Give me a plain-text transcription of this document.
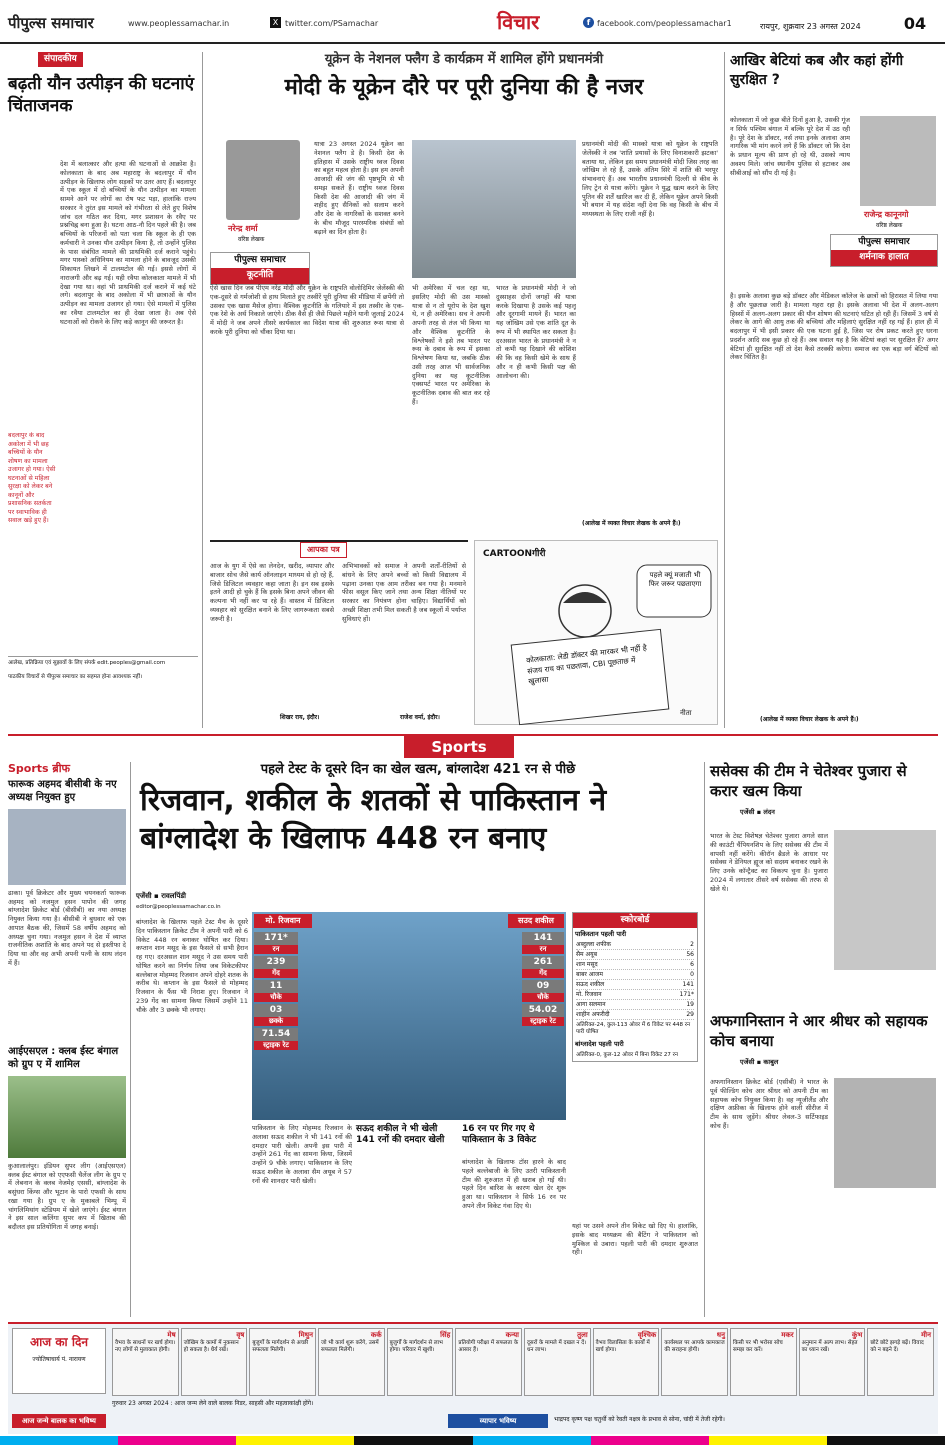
पीपुल्स समाचार	www.peoplessamachar.in	X twitter.com/PSamachar	विचार	f facebook.com/peoplessamachar1	रायपुर, शुक्रवार 23 अगस्त 2024	04
संपादकीय
बढ़ती यौन उत्पीड़न की घटनाएं चिंताजनक
देश में बलात्कार और हत्या की घटनाओं से आक्रोश है। कोलकाता के बाद अब महाराष्ट्र के बदलापुर में यौन उत्पीड़न के खिलाफ लोग सड़कों पर उतर आए हैं। बदलापुर में एक स्कूल में दो बच्चियों के यौन उत्पीड़न का मामला सामने आने पर लोगों का रोष फट पड़ा, हालांकि राज्य सरकार ने तुरंत इस मामले को गंभीरता से लेते हुए विशेष जांच दल गठित कर दिया, मगर प्रशासन के रवैए पर प्रश्नचिह्न बना हुआ है। घटना आठ-नौ दिन पहले की है। जब बच्चियों के परिजनों को पता चला कि स्कूल के ही एक कर्मचारी ने उनका यौन उत्पीड़न किया है, तो उन्होंने पुलिस के पास संबंधित मामले की प्राथमिकी दर्ज कराने पहुंचे। मगर पास्को अधिनियम का मामला होने के बावजूद उसकी शिकायत लिखने में टालमटोल की गई। इससे लोगों में नाराजगी और बढ़ गई। यही रवैया कोलकाता मामले में भी देखा गया था। वहां भी प्राथमिकी दर्ज कराने में कई घंटे लगे। बदलापुर के बाद अकोला में भी छात्राओं के यौन उत्पीड़न का मामला उजागर हो गया। ऐसे मामलों में पुलिस का रवैया टालमटोल का ही देखा जाता है। अब ऐसे घटनाओं को रोकने के लिए कड़े कानून की जरूरत है।
बदलापुर के बाद अकोला में भी छह बच्चियों के यौन शोषण का मामला उजागर हो गया। ऐसी घटनाओं से महिला सुरक्षा को लेकर बने कानूनों और प्रशासनिक सतर्कता पर स्वाभाविक ही सवाल खड़े हुए हैं।
आलेख, प्रतिक्रिया एवं सुझावों के लिए संपर्क edit.peoples@gmail.com
पाठकीय विचारों से पीपुल्स समाचार का सहमत होना आवश्यक नहीं।
यूक्रेन के नेशनल फ्लैग डे कार्यक्रम में शामिल होंगे प्रधानमंत्री
मोदी के यूक्रेन दौरे पर पूरी दुनिया की है नजर
नरेन्द्र शर्मा
वरिष्ठ लेखक
पीपुल्स समाचार
कूटनीति
यात्रा 23 अगस्त 2024 यूक्रेन का नेशनल फ्लैग डे है। किसी देश के इतिहास में उसके राष्ट्रीय ध्वज दिवस का बहुत महत्व होता है। इस हम अपनी आजादी की जंग की पृष्ठभूमि से भी समझ सकते हैं। राष्ट्रीय ध्वज दिवस किसी देश की आजादी की जंग में शहीद हुए सैनिकों को सलाम करने और देश के नागरिकों के सशक्त बनने के बीच मौजूद पारस्परिक संबंधों को बढ़ाने का दिन होता है।
ऐसे खास दिन जब पीएम नरेंद्र मोदी और यूक्रेन के राष्ट्रपति वोलोदिमिर जेलेंस्की की एक-दूसरे से गर्मजोशी से हाथ मिलाते हुए तस्वीरें पूरी दुनिया की मीडिया में छपेंगी तो उसका एक खास मैसेज होगा। वैश्विक कूटनीति के गलियारे में इस तस्वीर के एक-एक रेशे के अर्थ निकाले जाएंगे। ठीक वैसे ही जैसे पिछले महीने यानी जुलाई 2024 में मोदी ने जब अपने तीसरे कार्यकाल का विदेश यात्रा की शुरुआत रूस यात्रा से करके पूरी दुनिया को चौंका दिया था।
भी अमेरिका में चल रहा था, इसलिए मोदी की उस मास्को यात्रा से न तो यूरोप के देश खुश थे, न ही अमेरिका। सच ने अपनी अपनी तरह से तंज भी किया था और वैश्विक कूटनीति के विश्लेषकों ने इसे तब भारत पर रूस के दबाव के रूप में इसका विश्लेषण किया था, जबकि ठीक उसी तरह आज भी सार्वजनिक दुनिया का यह कूटनीतिक एक्सपर्ट भारत पर अमेरिका के कूटनीतिक दबाव की बात कर रहे हैं।
भारत के प्रधानमंत्री मोदी ने जो दुस्साहस दोनों जगहों की यात्रा करके दिखाया है उसके कई पहलू और दूरगामी मायने हैं। भारत का यह जोखिम उसे एक शांति दूत के रूप में भी स्थापित कर सकता है। दरअसल भारत के प्रधानमंत्री ने न तो कभी यह दिखाने की कोशिश की कि वह किसी खेमे के साथ हैं और न ही कभी किसी पक्ष की आलोचना की।
प्रधानमंत्री मोदी की मास्को यात्रा को यूक्रेन के राष्ट्रपति जेलेंस्की ने तब 'शांति प्रयासों के लिए विनाशकारी झटका' बताया था, लेकिन इस समय प्रधानमंत्री मोदी जिस तरह का जोखिम ले रहे हैं, उसके अंतिम सिरे में शांति की भरपूर संभावनाएं हैं। अब भारतीय प्रधानमंत्री दिल्ली से कीव के लिए ट्रेन से यात्रा करेंगे। यूक्रेन ने युद्ध खत्म करने के लिए पुतिन की शर्तें खारिज कर दी हैं, लेकिन यूक्रेन अपने किसी भी बयान में यह संदेश नहीं देना कि वह किसी के बीच में मध्यस्थता के लिए राजी नहीं है।
(आलेख में व्यक्त विचार लेखक के अपने हैं।)
आपका पत्र
आज के युग में ऐसे का लेनदेन, खरीद, व्यापार और बाजार सोच जैसे कार्य ऑनलाइन माध्यम से हो रहे हैं, जिसे डिजिटल व्यवहार कहा जाता है। इन सब इसके इतने आदी हो चुके हैं कि इसके बिना अपने जीवन की कल्पना भी नहीं कर पा रहे हैं। वास्तव में डिजिटल व्यवहार को सुरक्षित बनाने के लिए जागरूकता सबसे जरूरी है।
शिखर राय, इंदौर।
अभिभावकों को समाज ने अपनी शर्तों-रीतियों से बांधने के लिए अपने बच्चों को किसी विद्यालय में पढ़ाना उनका एक आम तरीका बन गया है। मनमाने फीस वसूल किए जाने तथा अन्य शिक्षा नीतियों पर सरकार का नियंत्रण होना चाहिए। विद्यार्थियों को अच्छी शिक्षा तभी मिल सकती है जब स्कूलों में पर्याप्त सुविधाएं हों।
राजेश वर्मा, इंदौर।
CARTOONगीरी
पहले क्यूं मजाती भी फिर जरूर पछताएगा
कोलकाता: लेडी डॉक्टर की मारकर भी नहीं है संजय राय का पछतावा, CBI पूछताछ में खुलासा
नीता
आखिर बेटियां कब और कहां होंगी सुरक्षित ?
कोलकाता में जो कुछ बीते दिनों हुआ है, उसकी गूंज न सिर्फ पश्चिम बंगाल में बल्कि पूरे देश में उठ रही है। पूरे देश के डॉक्टर, नर्स तथा इनके अलावा आम नागरिक भी मांग करने लगे हैं कि डॉक्टर जो कि देश के प्रधान मूल्य की प्राण हो रहे थी, उसको न्याय अवश्य मिले। जांच स्थानीय पुलिस से हटाकर अब सीबीआई को सौंप दी गई है।
राजेन्द्र कानूनगो
वरिष्ठ लेखक
पीपुल्स समाचार
शर्मनाक हालात
है। इसके अलावा कुछ बड़े डॉक्टर और मेडिकल कॉलेज के छात्रों को हिरासत में लिया गया है और पूछताछ जारी है। मामला गहरा रहा है। इसके अलावा भी देश में अलग-अलग हिस्सों में अलग-अलग प्रकार की यौन शोषण की घटनाएं घटित हो रही हैं। जिसमें 3 वर्ष से लेकर के आगे की आयु तक की बच्चियां और महिलाएं सुरक्षित नहीं रह गई हैं। हाल ही में बदलापुर में भी इसी प्रकार की एक घटना हुई है, जिस पर रोष प्रकट करते हुए धरना प्रदर्शन आदि सब कुछ हो रहे हैं। अब सवाल यह है कि बेटियां कहां पर सुरक्षित हैं? अगर बेटियां ही सुरक्षित नहीं तो देश कैसे तरक्की करेगा। समाज का एक बड़ा वर्ग बेटियों को लेकर चिंतित है।
(आलेख में व्यक्त विचार लेखक के अपने हैं।)
Sports
Sports ब्रीफ
फारूक अहमद बीसीबी के नए अध्यक्ष नियुक्त हुए
ढाका। पूर्व क्रिकेटर और मुख्य चयनकर्ता फारूक अहमद को नजमुल हसन पापोन की जगह बांग्लादेश क्रिकेट बोर्ड (बीसीबी) का नया अध्यक्ष नियुक्त किया गया है। बीसीबी ने बुधवार को एक आपात बैठक की, जिसमें 58 वर्षीय अहमद को अध्यक्ष चुना गया। नजमुल हसन ने देश में व्याप्त राजनीतिक अशांति के बाद अपने पद से इस्तीफा दे दिया था और वह अभी अपनी पत्नी के साथ लंदन में हैं।
आईएसएल : क्लब ईस्ट बंगाल को ग्रुप ए में शामिल
कुआलालंपुर। इंडियन सुपर लीग (आईएसएल) क्लब ईस्ट बंगाल को एएफसी चैलेंज लीग के ग्रुप ए में लेबनान के क्लब नेजमेह एससी, बांग्लादेश के बसुंधरा किंग्स और भूटान के पारो एफसी के साथ रखा गया है। ग्रुप ए के मुकाबले भिम्पू में चांगलिमिथांग स्टेडियम में खेले जाएंगे। ईस्ट बंगाल ने इस साल कलिंगा सुपर कप में खिताब की बदौलत इस प्रतियोगिता में जगह बनाई।
पहले टेस्ट के दूसरे दिन का खेल खत्म, बांग्लादेश 421 रन से पीछे
रिजवान, शकील के शतकों से पाकिस्तान ने बांग्लादेश के खिलाफ 448 रन बनाए
एजेंसी ▪ रावलपिंडी
editor@peoplessamachar.co.in
बांग्लादेश के खिलाफ पहले टेस्ट मैच के दूसरे दिन पाकिस्तान क्रिकेट टीम ने अपनी पारी को 6 विकेट 448 रन बनाकर घोषित कर दिया। कप्तान शान मसूद के इस फैसले से सभी हैरान रह गए। दरअसल शान मसूद ने उस समय पारी घोषित करने का निर्णय लिया जब विकेटकीपर बल्लेबाज मोहम्मद रिजवान अपने दोहरे शतक के करीब थे। कप्तान के इस फैसले से मोहम्मद रिजवान के फैंस भी निराश हुए। रिजवान ने 239 गेंद का सामना किया जिसमें उन्होंने 11 चौके और 3 छक्के भी लगाए।
मो. रिजवान
171*
रन
239
गेंद
11
चौके
03
छक्के
71.54
स्ट्राइक रेट
सउद शकील
141
रन
261
गेंद
09
चौके
54.02
स्ट्राइक रेट
पाकिस्तान के लिए मोहम्मद रिजवान के अलावा सऊद शकील ने भी 141 रनों की दमदार पारी खेली। अपनी इस पारी में उन्होंने 261 गेंद का सामना किया, जिसमें उन्होंने 9 चौके लगाए। पाकिस्तान के लिए सऊद शकील के अलावा सैम अयूब ने 57 रनों की शानदार पारी खेली।
सऊद शकील ने भी खेली 141 रनों की दमदार खेली
16 रन पर गिर गए थे पाकिस्तान के 3 विकेट
बांग्लादेश के खिलाफ टॉस हारने के बाद पहले बल्लेबाजी के लिए उतरी पाकिस्तानी टीम की शुरुआत में ही खराब हो गई थी। पहले दिन बारिश के कारण खेल देर शुरू हुआ था। पाकिस्तान ने सिर्फ 16 रन पर अपने तीन विकेट गंवा दिए थे।
यहां पर उसने अपने तीन विकेट खो दिए थे। हालांकि, इसके बाद मध्यक्रम की बैटिंग ने पाकिस्तान को मुश्किल से उबारा। पहली पारी की दमदार शुरुआत रही।
स्कोरबोर्ड
पाकिस्तान पहली पारी
अब्दुल्ला शफीक	2
सैम अयूब	56
शान मसूद	6
बाबर आजम	0
सऊद शकील	141
मो. रिजवान	171*
आगा सलमान	19
शाहीन अफरीदी	29
अतिरिक्त-24, कुल-113 ओवर में 6 विकेट पर 448 रन पारी घोषित
बांग्लादेश पहली पारी
अतिरिक्त-0, कुल-12 ओवर में बिना विकेट 27 रन
ससेक्स की टीम ने चेतेश्वर पुजारा से करार खत्म किया
एजेंसी ▪ लंदन
भारत के टेस्ट विशेषज्ञ चेतेश्वर पुजारा अगले साल की काउंटी चैंपियनशिप के लिए ससेक्स की टीम में वापसी नहीं करेंगे। कीरॉन ब्रैडले के आधार पर ससेक्स ने डेनियल ह्यूज को सदस्य बनाकर रखने के लिए उनके कॉन्ट्रैक्ट का विकल्प चुना है। पुजारा 2024 में लगातार तीसरे वर्ष ससेक्स की तरफ से खेले थे।
अफगानिस्तान ने आर श्रीधर को सहायक कोच बनाया
एजेंसी ▪ काबुल
अफगानिस्तान क्रिकेट बोर्ड (एसीबी) ने भारत के पूर्व फील्डिंग कोच आर श्रीधर को अपनी टीम का सहायक कोच नियुक्त किया है। वह न्यूजीलैंड और दक्षिण अफ्रीका के खिलाफ होने वाली सीरीज में टीम के साथ जुड़ेंगे। श्रीधर लेवल-3 सर्टिफाइड कोच हैं।
आज का दिन
ज्योतिषाचार्य पं. नारायण
मेष
वैभव के साधनों पर खर्च होगा। नए लोगों से मुलाकात होगी।
वृष
जोखिम के कामों में नुकसान हो सकता है। धैर्य रखें।
मिथुन
बुजुर्गों के मार्गदर्शन से अच्छी सफलता मिलेगी।
कर्क
जो भी कार्य शुरू करेंगे, उसमें सफलता मिलेगी।
सिंह
बुजुर्गों के मार्गदर्शन से लाभ होगा। परिवार में खुशी।
कन्या
प्रतियोगी परीक्षा में सफलता के आसार हैं।
तुला
दूसरों के मामले में दखल न दें। धन लाभ।
वृश्चिक
वैभव विलासिता के कार्यों में खर्च होगा।
धनु
कार्यस्थल पर आपके कामकाज की सराहना होगी।
मकर
किसी पर भी भरोसा सोच समझ कर करें।
कुंभ
अनुमान में अल्प लाभ। सेहत का ध्यान रखें।
मीन
छोटे छोटे झगड़े बढ़ें। विवाद को न बढ़ने दें।
गुरुवार 23 अगस्त 2024 : आज जन्म लेने वाले बालक निडर, साहसी और महत्वाकांक्षी होंगे।
आज जन्मे बालक का भविष्य	व्यापार भविष्य	भाद्रपद कृष्ण पक्ष चतुर्थी को रेवती नक्षत्र के प्रभाव से सोना, चांदी में तेजी रहेगी।
